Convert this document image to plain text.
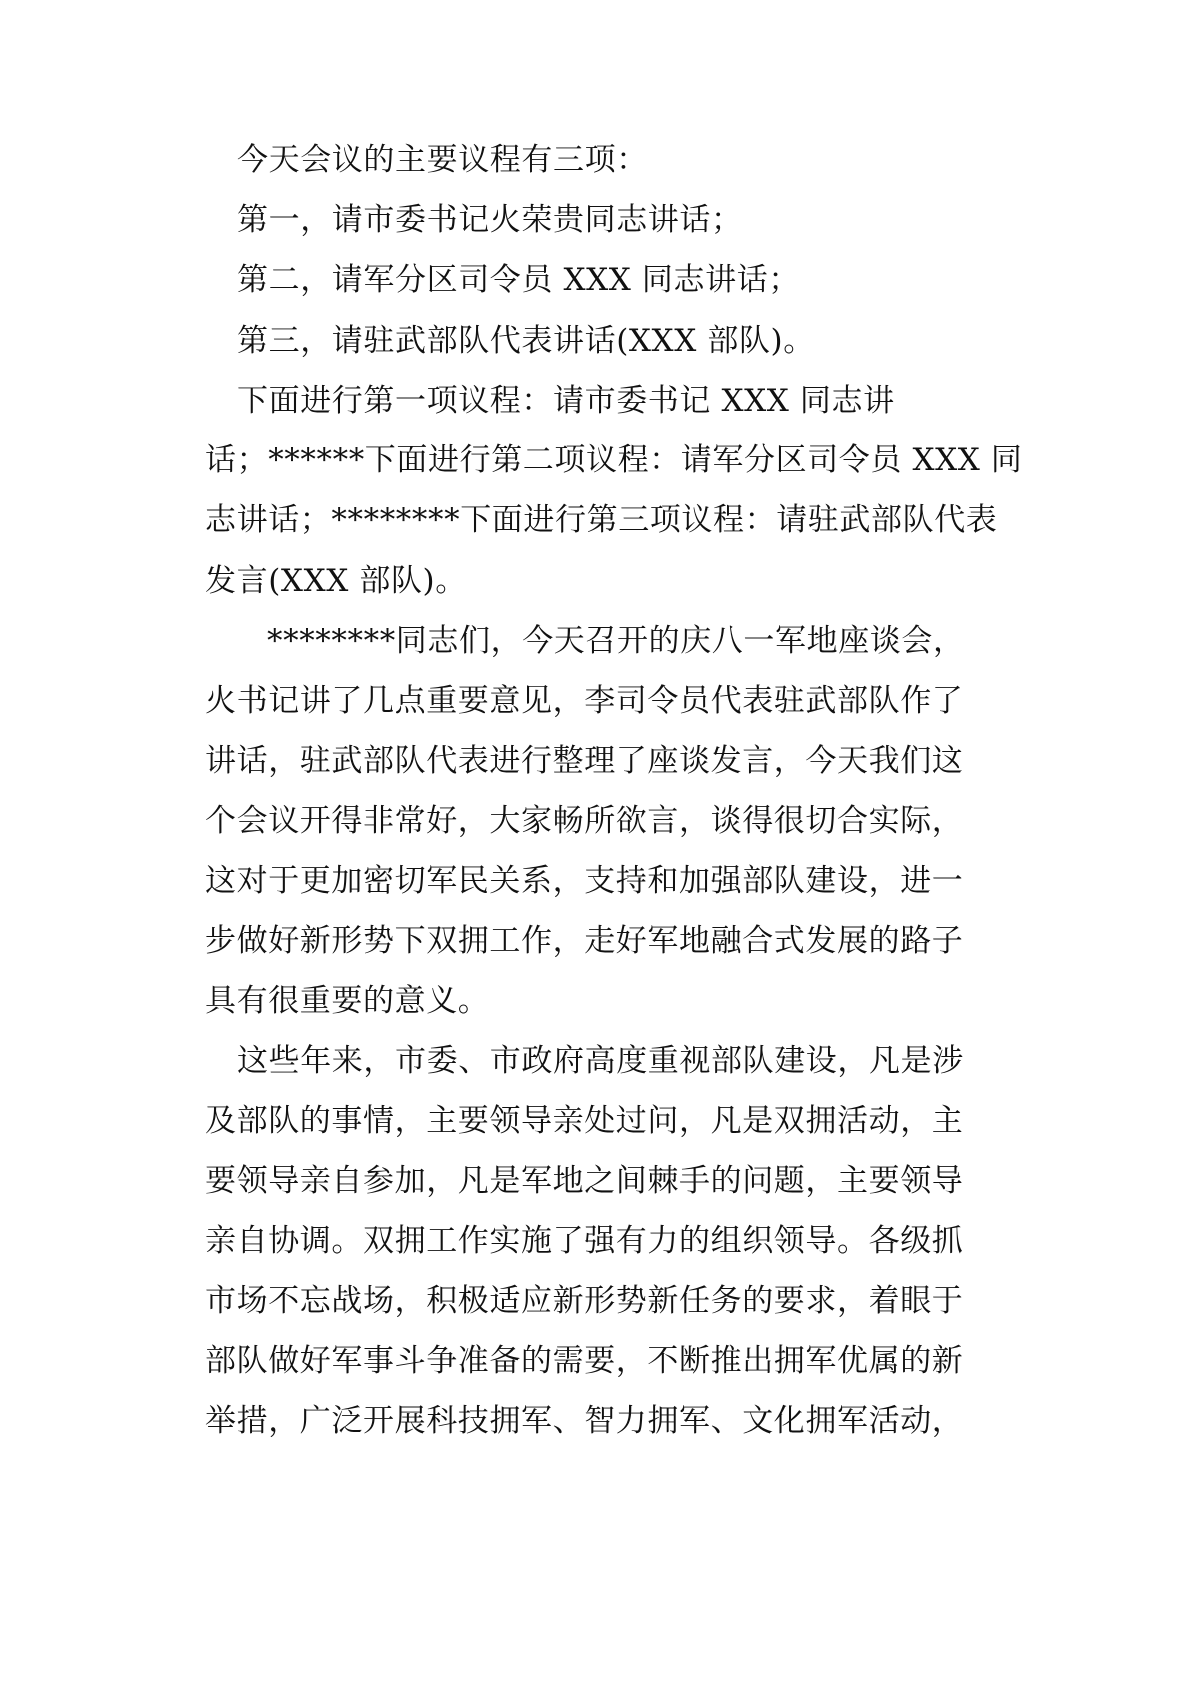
今天会议的主要议程有三项：
第一，请市委书记火荣贵同志讲话；
第二，请军分区司令员 XXX 同志讲话；
第三，请驻武部队代表讲话(XXX 部队)。
下面进行第一项议程：请市委书记 XXX 同志讲
话；******下面进行第二项议程：请军分区司令员 XXX 同
志讲话；********下面进行第三项议程：请驻武部队代表
发言(XXX 部队)。
********同志们，今天召开的庆八一军地座谈会，
火书记讲了几点重要意见，李司令员代表驻武部队作了
讲话，驻武部队代表进行整理了座谈发言，今天我们这
个会议开得非常好，大家畅所欲言，谈得很切合实际，
这对于更加密切军民关系，支持和加强部队建设，进一
步做好新形势下双拥工作，走好军地融合式发展的路子
具有很重要的意义。
这些年来，市委、市政府高度重视部队建设，凡是涉
及部队的事情，主要领导亲处过问，凡是双拥活动，主
要领导亲自参加，凡是军地之间棘手的问题，主要领导
亲自协调。双拥工作实施了强有力的组织领导。各级抓
市场不忘战场，积极适应新形势新任务的要求，着眼于
部队做好军事斗争准备的需要，不断推出拥军优属的新
举措，广泛开展科技拥军、智力拥军、文化拥军活动，
